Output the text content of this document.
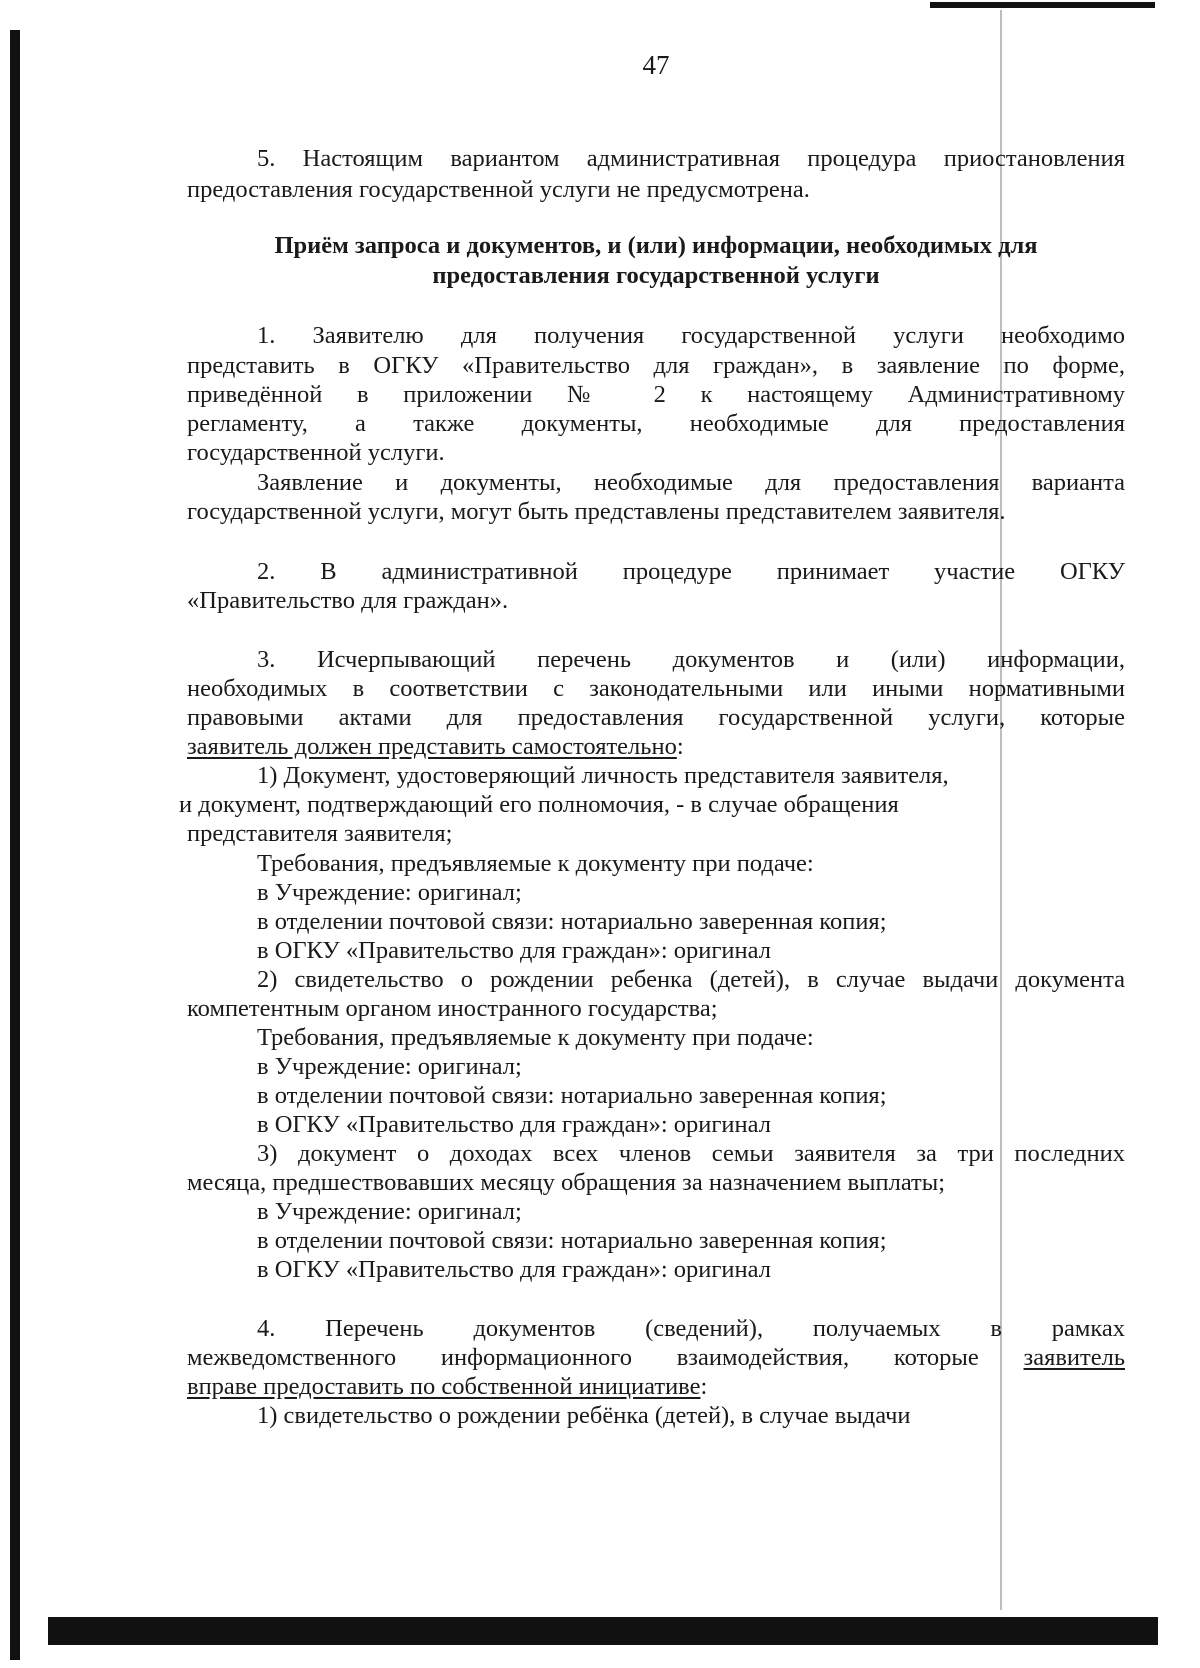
47
5. Настоящим вариантом административная процедура приостановления
предоставления государственной услуги не предусмотрена.
Приём запроса и документов, и (или) информации, необходимых для
предоставления государственной услуги
1. Заявителю для получения государственной услуги необходимо
представить в ОГКУ «Правительство для граждан», в заявление по форме,
приведённой в приложении № 2 к настоящему Административному
регламенту, а также документы, необходимые для предоставления
государственной услуги.
Заявление и документы, необходимые для предоставления варианта
государственной услуги, могут быть представлены представителем заявителя.
2. В административной процедуре принимает участие ОГКУ
«Правительство для граждан».
3. Исчерпывающий перечень документов и (или) информации,
необходимых в соответствии с законодательными или иными нормативными
правовыми актами для предоставления государственной услуги, которые
заявитель должен представить самостоятельно:
1) Документ, удостоверяющий личность представителя заявителя,
и документ, подтверждающий его полномочия, - в случае обращения
представителя заявителя;
Требования, предъявляемые к документу при подаче:
в Учреждение: оригинал;
в отделении почтовой связи: нотариально заверенная копия;
в ОГКУ «Правительство для граждан»: оригинал
2) свидетельство о рождении ребенка (детей), в случае выдачи документа
компетентным органом иностранного государства;
Требования, предъявляемые к документу при подаче:
в Учреждение: оригинал;
в отделении почтовой связи: нотариально заверенная копия;
в ОГКУ «Правительство для граждан»: оригинал
3) документ о доходах всех членов семьи заявителя за три последних
месяца, предшествовавших месяцу обращения за назначением выплаты;
в Учреждение: оригинал;
в отделении почтовой связи: нотариально заверенная копия;
в ОГКУ «Правительство для граждан»: оригинал
4. Перечень документов (сведений), получаемых в рамках
межведомственного информационного взаимодействия, которые заявитель
вправе предоставить по собственной инициативе:
1) свидетельство о рождении ребёнка (детей), в случае выдачи
